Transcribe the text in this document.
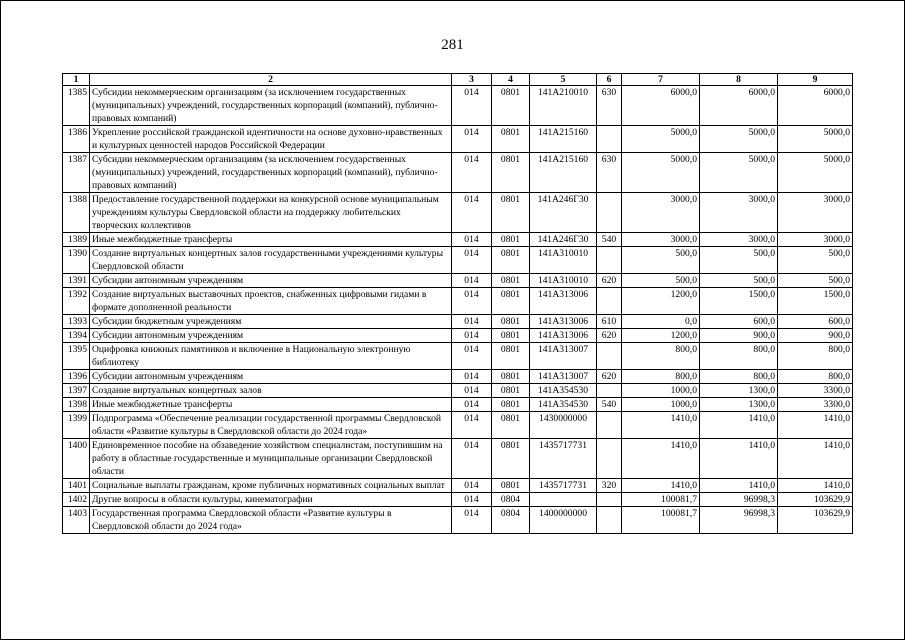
281
1	2	3	4	5	6	7	8	9
1385	Субсидии некоммерческим организациям (за исключением государственных (муниципальных) учреждений, государственных корпораций (компаний), публично-правовых компаний)	014	0801	141А210010	630	6000,0	6000,0	6000,0
1386	Укрепление российской гражданской идентичности на основе духовно-нравственных и культурных ценностей народов Российской Федерации	014	0801	141А215160		5000,0	5000,0	5000,0
1387	Субсидии некоммерческим организациям (за исключением государственных (муниципальных) учреждений, государственных корпораций (компаний), публично-правовых компаний)	014	0801	141А215160	630	5000,0	5000,0	5000,0
1388	Предоставление государственной поддержки на конкурсной основе муниципальным учреждениям культуры Свердловской области на поддержку любительских творческих коллективов	014	0801	141А246Г30		3000,0	3000,0	3000,0
1389	Иные межбюджетные трансферты	014	0801	141А246Г30	540	3000,0	3000,0	3000,0
1390	Создание виртуальных концертных залов государственными учреждениями культуры Свердловской области	014	0801	141А310010		500,0	500,0	500,0
1391	Субсидии автономным учреждениям	014	0801	141А310010	620	500,0	500,0	500,0
1392	Создание виртуальных выставочных проектов, снабженных цифровыми гидами в формате дополненной реальности	014	0801	141А313006		1200,0	1500,0	1500,0
1393	Субсидии бюджетным учреждениям	014	0801	141А313006	610	0,0	600,0	600,0
1394	Субсидии автономным учреждениям	014	0801	141А313006	620	1200,0	900,0	900,0
1395	Оцифровка книжных памятников и включение в Национальную электронную библиотеку	014	0801	141А313007		800,0	800,0	800,0
1396	Субсидии автономным учреждениям	014	0801	141А313007	620	800,0	800,0	800,0
1397	Создание виртуальных концертных залов	014	0801	141А354530		1000,0	1300,0	3300,0
1398	Иные межбюджетные трансферты	014	0801	141А354530	540	1000,0	1300,0	3300,0
1399	Подпрограмма «Обеспечение реализации государственной программы Свердловской области «Развитие культуры в Свердловской области до 2024 года»	014	0801	1430000000		1410,0	1410,0	1410,0
1400	Единовременное пособие на обзаведение хозяйством специалистам, поступившим на работу в областные государственные и муниципальные организации Свердловской области	014	0801	1435717731		1410,0	1410,0	1410,0
1401	Социальные выплаты гражданам, кроме публичных нормативных социальных выплат	014	0801	1435717731	320	1410,0	1410,0	1410,0
1402	Другие вопросы в области культуры, кинематографии	014	0804			100081,7	96998,3	103629,9
1403	Государственная программа Свердловской области «Развитие культуры в Свердловской области до 2024 года»	014	0804	1400000000		100081,7	96998,3	103629,9
